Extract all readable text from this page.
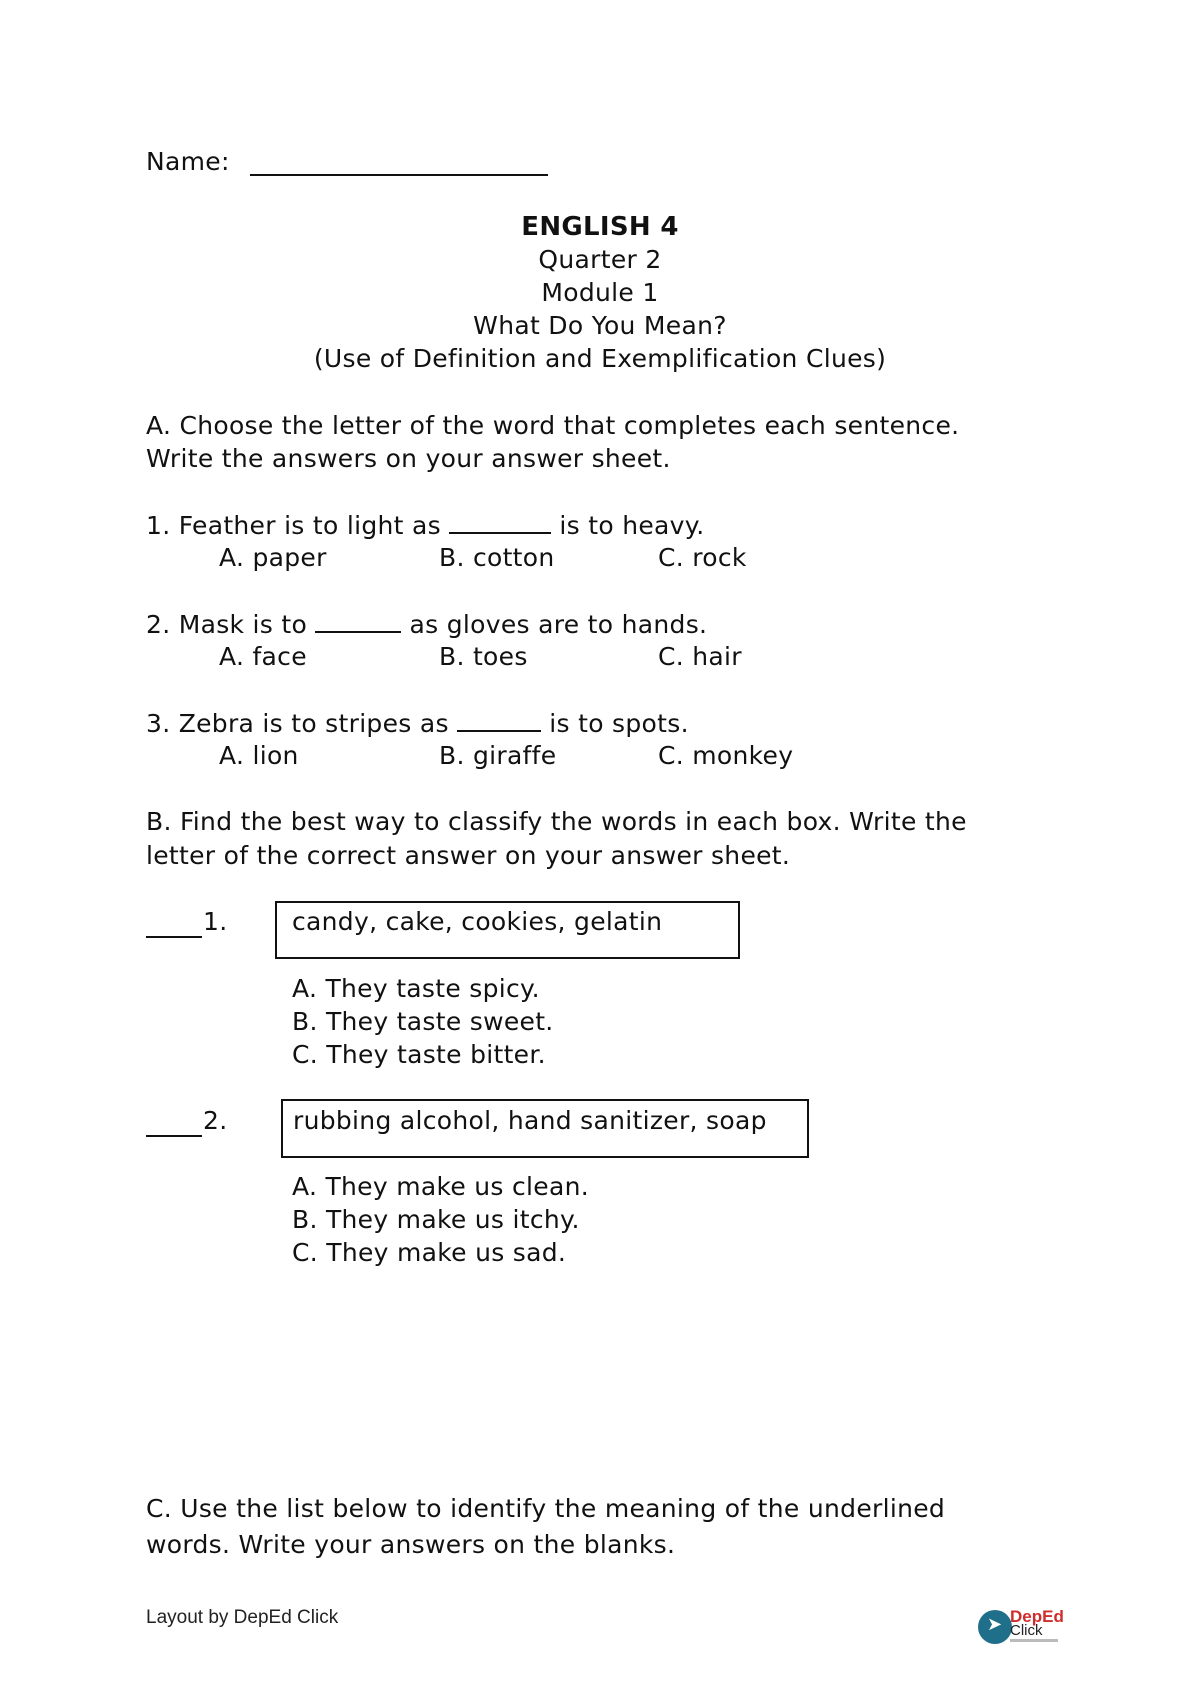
Name:
ENGLISH 4
Quarter 2
Module 1
What Do You Mean?
(Use of Definition and Exemplification Clues)
A. Choose the letter of the word that completes each sentence.
Write the answers on your answer sheet.
1. Feather is to light as	is to heavy.
A. paper	B. cotton	C. rock
2. Mask is to	as gloves are to hands.
A. face	B. toes	C. hair
3. Zebra is to stripes as	is to spots.
A. lion	B. giraffe	C. monkey
B. Find the best way to classify the words in each box. Write the
letter of the correct answer on your answer sheet.
1.	candy, cake, cookies, gelatin
A. They taste spicy.
B. They taste sweet.
C. They taste bitter.
2.	rubbing alcohol, hand sanitizer, soap
A. They make us clean.
B. They make us itchy.
C. They make us sad.
C. Use the list below to identify the meaning of the underlined
words. Write your answers on the blanks.
Layout by DepEd Click	➤ DepEd
Click
